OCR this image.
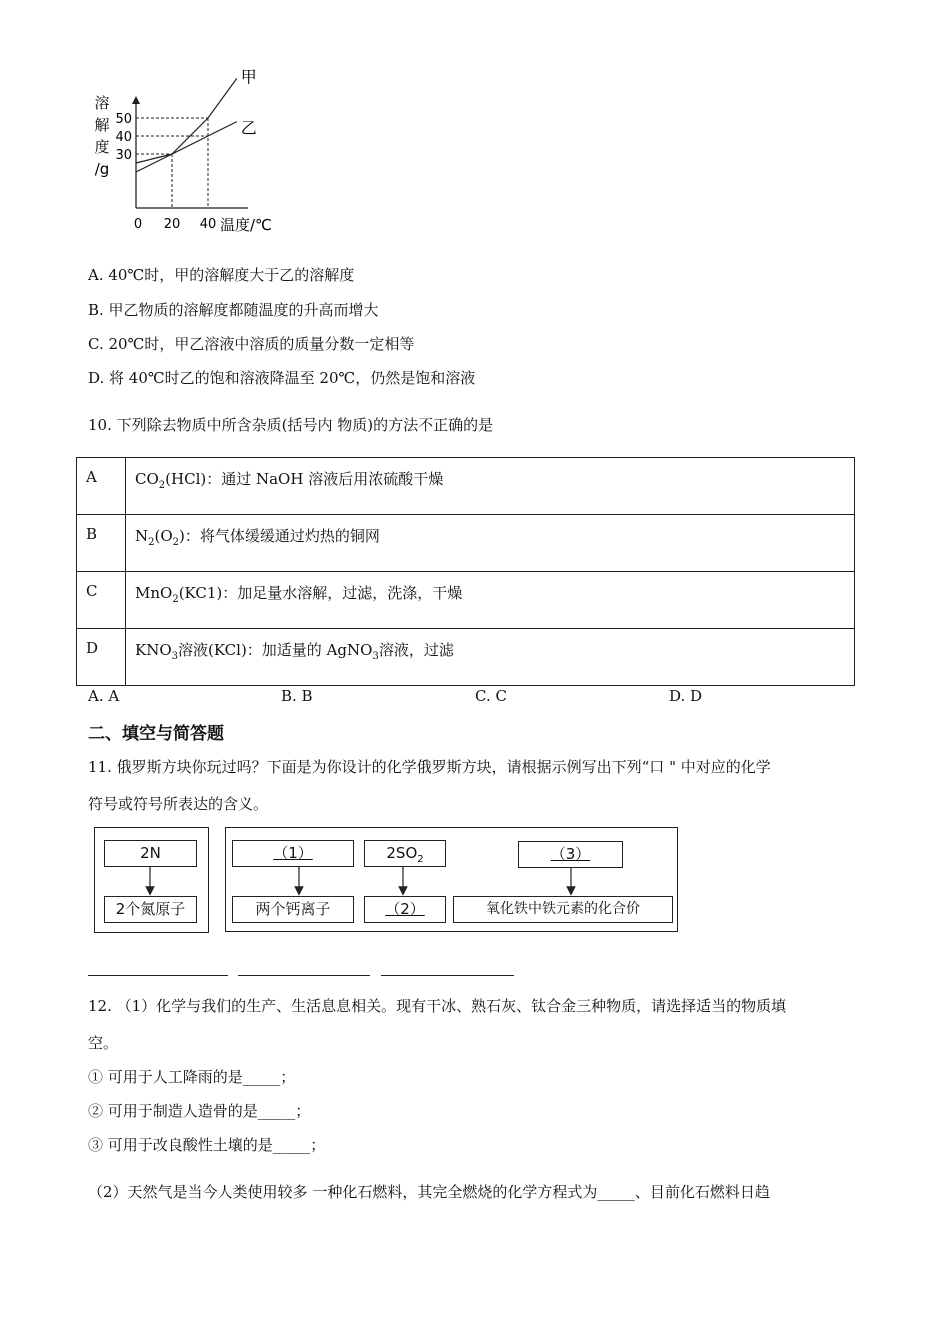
溶
解
度
/g
50
40
30
0 20 40 温度/℃
甲
乙
A. 40℃时，甲的溶解度大于乙的溶解度
B. 甲乙物质的溶解度都随温度的升高而增大
C. 20℃时，甲乙溶液中溶质的质量分数一定相等
D. 将 40℃时乙的饱和溶液降温至 20℃，仍然是饱和溶液
10. 下列除去物质中所含杂质(括号内 物质)的方法不正确的是
A	$CO_2(HCl)$：通过 NaOH 溶液后用浓硫酸干燥
B	$N_2(O_2)$：将气体缓缓通过灼热的铜网
C	MnO$_2$(KC1)：加足量水溶解，过滤，洗涤，干燥
D	$KNO_3$溶液(KCl)：加适量的 AgNO$_3$溶液，过滤
A. A	B. B	C. C	D. D
二、填空与简答题
11. 俄罗斯方块你玩过吗？下面是为你设计的化学俄罗斯方块，请根据示例写出下列“口 " 中对应的化学
符号或符号所表达的含义。
2N
2个氮原子
（1）
两个钙离子
$2SO_2$
（2）
（3）
氧化铁中铁元素的化合价
12. （1）化学与我们的生产、生活息息相关。现有干冰、熟石灰、钛合金三种物质，请选择适当的物质填
空。
① 可用于人工降雨的是_____；
② 可用于制造人造骨的是_____；
③ 可用于改良酸性土壤的是_____；
（2）天然气是当今人类使用较多 一种化石燃料，其完全燃烧的化学方程式为_____、目前化石燃料日趋
